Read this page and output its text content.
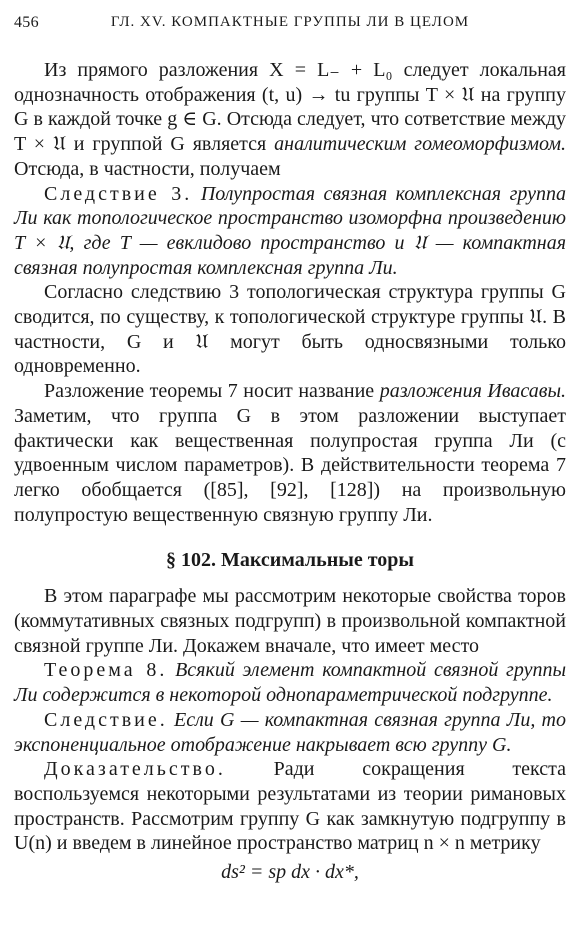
456	ГЛ. XV. КОМПАКТНЫЕ ГРУППЫ ЛИ В ЦЕЛОМ

Из прямого разложения X = L₋ + L₀ следует локальная однозначность отображения (t, u) → tu группы T × 𝔘 на группу G в каждой точке g ∈ G. Отсюда следует, что сответствие между T × 𝔘 и группой G является аналитическим гомеоморфизмом. Отсюда, в частности, получаем

Следствие 3. Полупростая связная комплексная группа Ли как топологическое пространство изоморфна произведению T × 𝔘, где T — евклидово пространство и 𝔘 — компактная связная полупростая комплексная группа Ли.

Согласно следствию 3 топологическая структура группы G сводится, по существу, к топологической структуре группы 𝔘. В частности, G и 𝔘 могут быть односвязными только одновременно.

Разложение теоремы 7 носит название разложения Ивасавы. Заметим, что группа G в этом разложении выступает фактически как вещественная полупростая группа Ли (с удвоенным числом параметров). В действительности теорема 7 легко обобщается ([85], [92], [128]) на произвольную полупростую вещественную связную группу Ли.

§ 102. Максимальные торы

В этом параграфе мы рассмотрим некоторые свойства торов (коммутативных связных подгрупп) в произвольной компактной связной группе Ли. Докажем вначале, что имеет место

Теорема 8. Всякий элемент компактной связной группы Ли содержится в некоторой однопараметрической подгруппе.

Следствие. Если G — компактная связная группа Ли, то экспоненциальное отображение накрывает всю группу G.

Доказательство. Ради сокращения текста воспользуемся некоторыми результатами из теории римановых пространств. Рассмотрим группу G как замкнутую подгруппу в U(n) и введем в линейное пространство матриц n × n метрику

ds² = sp dx · dx*,
